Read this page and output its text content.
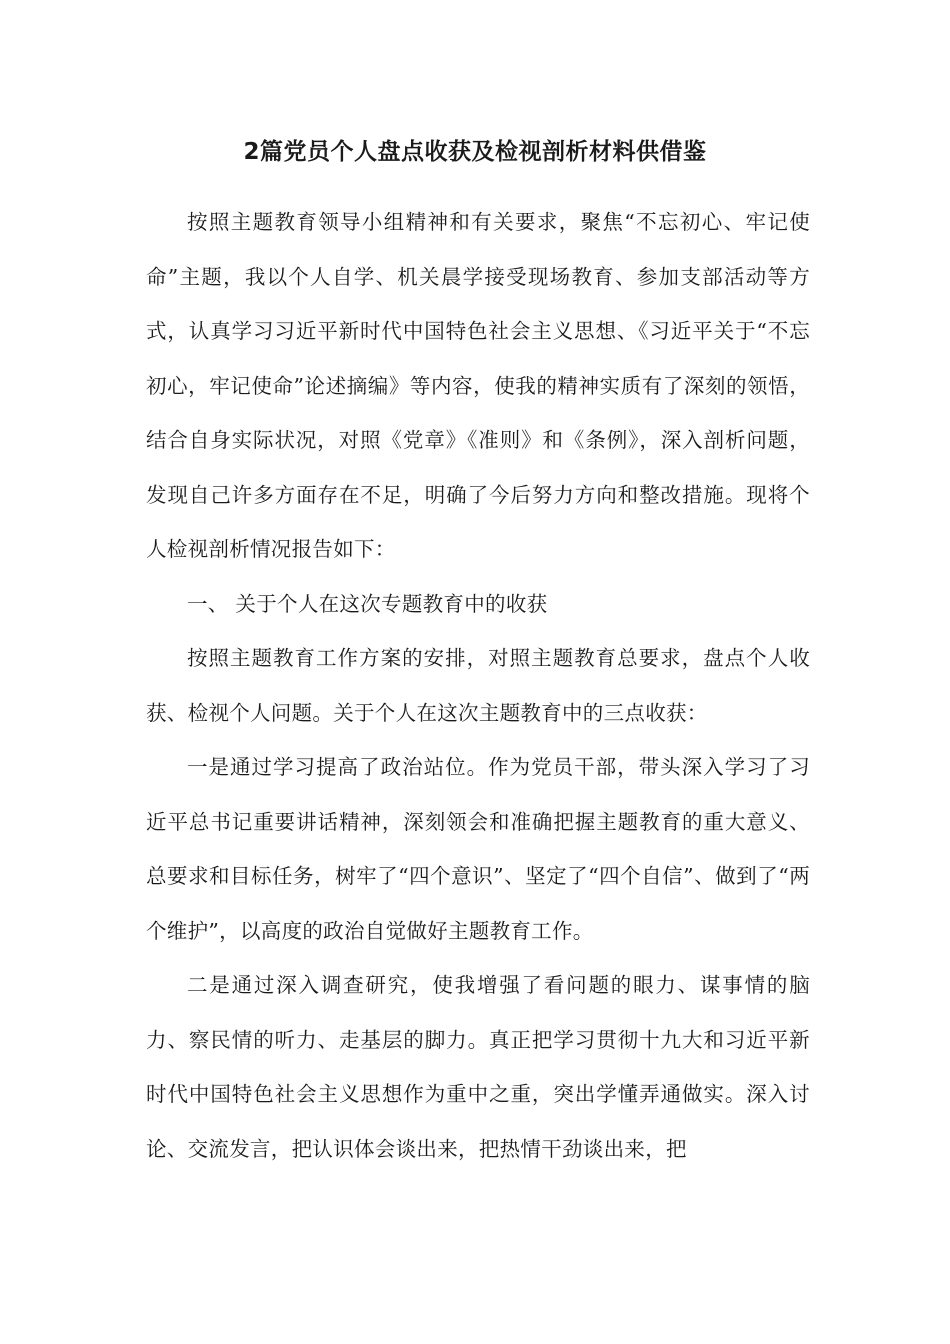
2篇党员个人盘点收获及检视剖析材料供借鉴

按照主题教育领导小组精神和有关要求，聚焦“不忘初心、牢记使命”主题，我以个人自学、机关晨学接受现场教育、参加支部活动等方式，认真学习习近平新时代中国特色社会主义思想、《习近平关于“不忘初心，牢记使命”论述摘编》等内容，使我的精神实质有了深刻的领悟，结合自身实际状况，对照《党章》《准则》和《条例》，深入剖析问题，发现自己许多方面存在不足，明确了今后努力方向和整改措施。现将个人检视剖析情况报告如下：

一、 关于个人在这次专题教育中的收获

按照主题教育工作方案的安排，对照主题教育总要求，盘点个人收获、检视个人问题。关于个人在这次主题教育中的三点收获：

一是通过学习提高了政治站位。作为党员干部，带头深入学习了习近平总书记重要讲话精神，深刻领会和准确把握主题教育的重大意义、总要求和目标任务，树牢了“四个意识”、坚定了“四个自信”、做到了“两个维护”，以高度的政治自觉做好主题教育工作。

二是通过深入调查研究，使我增强了看问题的眼力、谋事情的脑力、察民情的听力、走基层的脚力。真正把学习贯彻十九大和习近平新时代中国特色社会主义思想作为重中之重，突出学懂弄通做实。深入讨论、交流发言，把认识体会谈出来，把热情干劲谈出来，把
